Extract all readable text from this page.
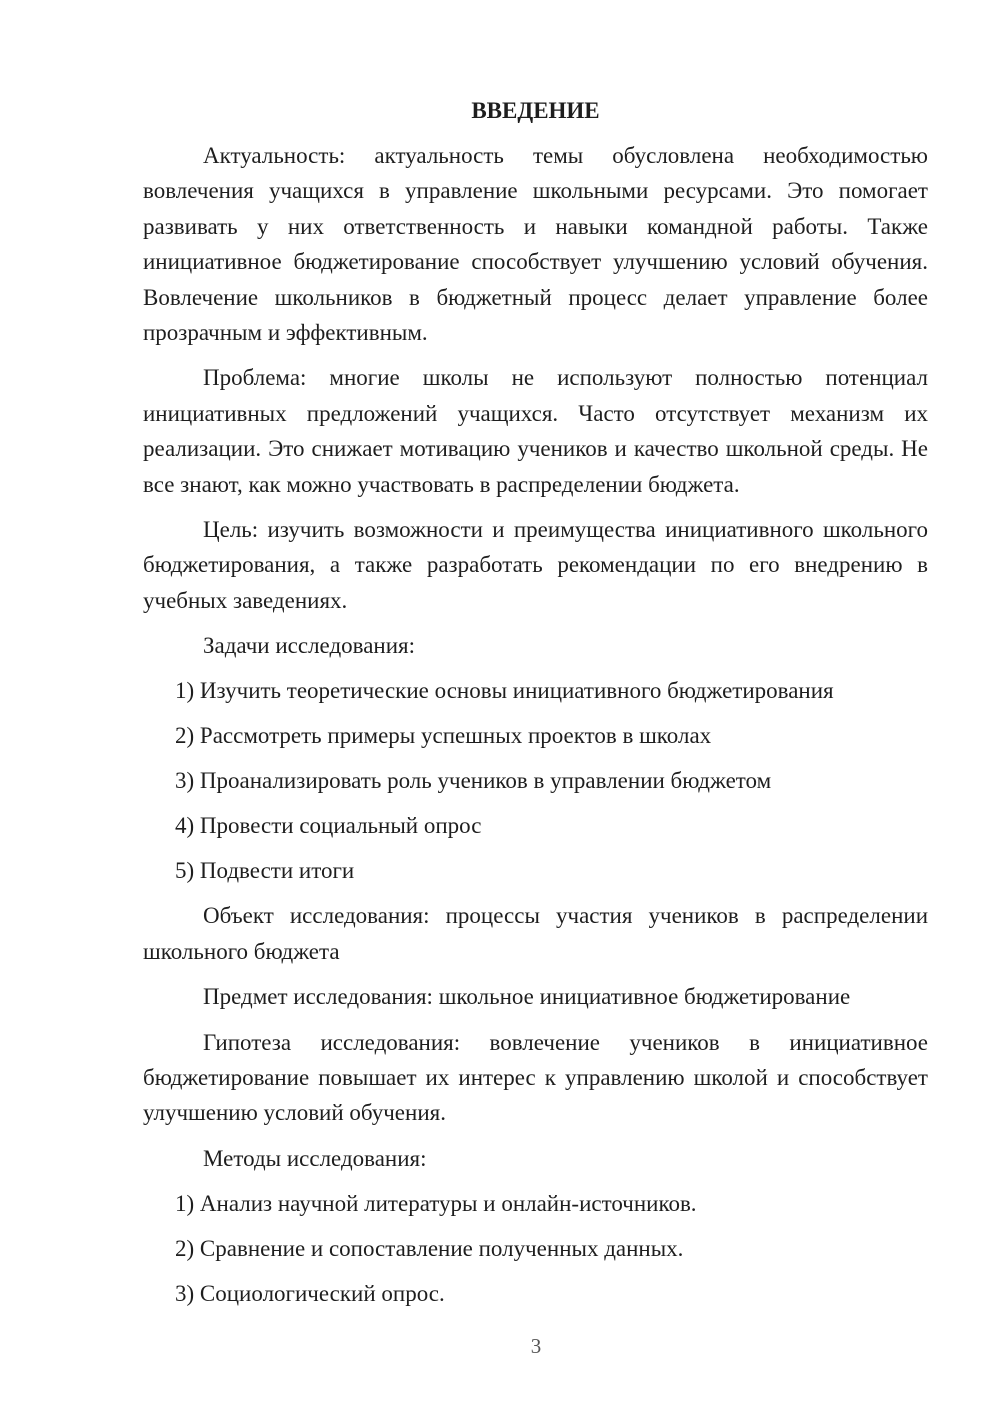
ВВЕДЕНИЕ

Актуальность: актуальность темы обусловлена необходимостью вовлечения учащихся в управление школьными ресурсами. Это помогает развивать у них ответственность и навыки командной работы. Также инициативное бюджетирование способствует улучшению условий обучения. Вовлечение школьников в бюджетный процесс делает управление более прозрачным и эффективным.

Проблема: многие школы не используют полностью потенциал инициативных предложений учащихся. Часто отсутствует механизм их реализации. Это снижает мотивацию учеников и качество школьной среды. Не все знают, как можно участвовать в распределении бюджета.

Цель: изучить возможности и преимущества инициативного школьного бюджетирования, а также разработать рекомендации по его внедрению в учебных заведениях.

Задачи исследования:

1) Изучить теоретические основы инициативного бюджетирования

2) Рассмотреть примеры успешных проектов в школах

3) Проанализировать роль учеников в управлении бюджетом

4) Провести социальный опрос

5) Подвести итоги

Объект исследования: процессы участия учеников в распределении школьного бюджета

Предмет исследования: школьное инициативное бюджетирование

Гипотеза исследования: вовлечение учеников в инициативное бюджетирование повышает их интерес к управлению школой и способствует улучшению условий обучения.

Методы исследования:

1) Анализ научной литературы и онлайн-источников.

2) Сравнение и сопоставление полученных данных.

3) Социологический опрос.

3
